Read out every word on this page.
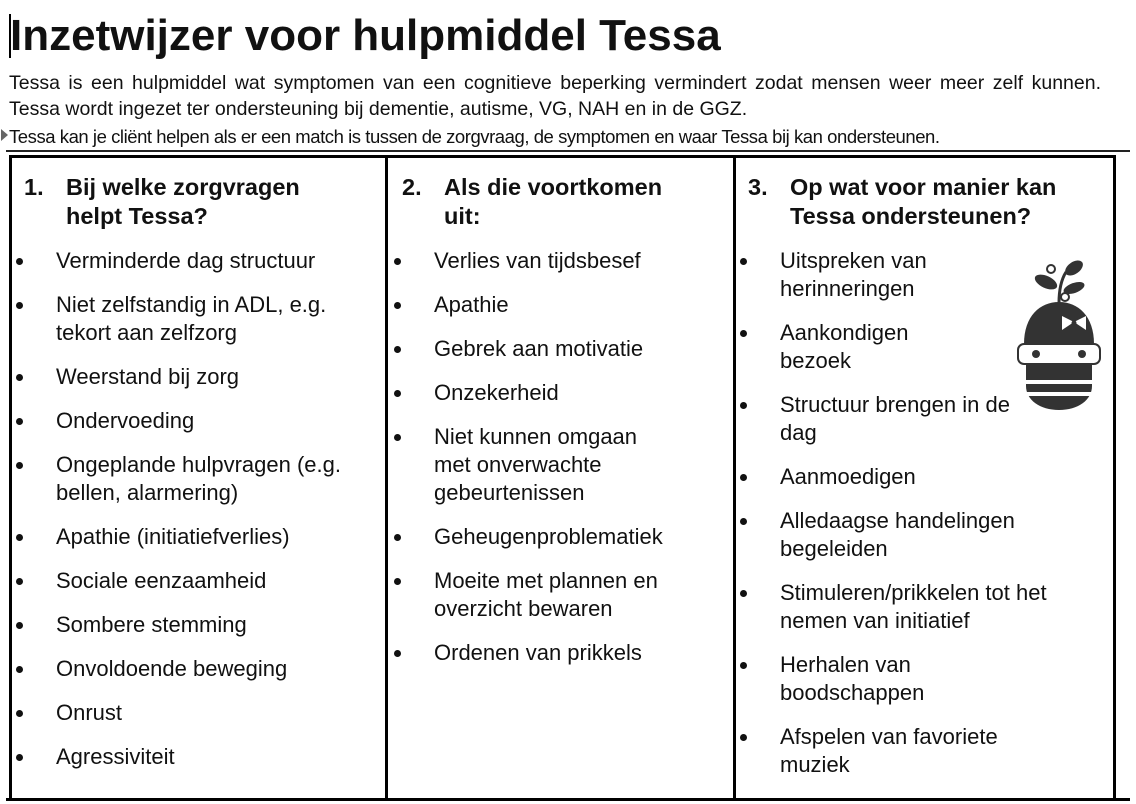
Inzetwijzer voor hulpmiddel Tessa

Tessa is een hulpmiddel wat symptomen van een cognitieve beperking vermindert zodat mensen weer meer zelf kunnen. Tessa wordt ingezet ter ondersteuning bij dementie, autisme, VG, NAH en in de GGZ.

Tessa kan je cliënt helpen als er een match is tussen de zorgvraag, de symptomen en waar Tessa bij kan ondersteunen.

1. Bij welke zorgvragen helpt Tessa?
Verminderde dag structuur
Niet zelfstandig in ADL, e.g. tekort aan zelfzorg
Weerstand bij zorg
Ondervoeding
Ongeplande hulpvragen (e.g. bellen, alarmering)
Apathie (initiatiefverlies)
Sociale eenzaamheid
Sombere stemming
Onvoldoende beweging
Onrust
Agressiviteit
2. Als die voortkomen uit:
Verlies van tijdsbesef
Apathie
Gebrek aan motivatie
Onzekerheid
Niet kunnen omgaan met onverwachte gebeurtenissen
Geheugenproblematiek
Moeite met plannen en overzicht bewaren
Ordenen van prikkels
3. Op wat voor manier kan Tessa ondersteunen?
Uitspreken van herinneringen
Aankondigen bezoek
Structuur brengen in de dag
Aanmoedigen
Alledaagse handelingen begeleiden
Stimuleren/prikkelen tot het nemen van initiatief
Herhalen van boodschappen
Afspelen van favoriete muziek
